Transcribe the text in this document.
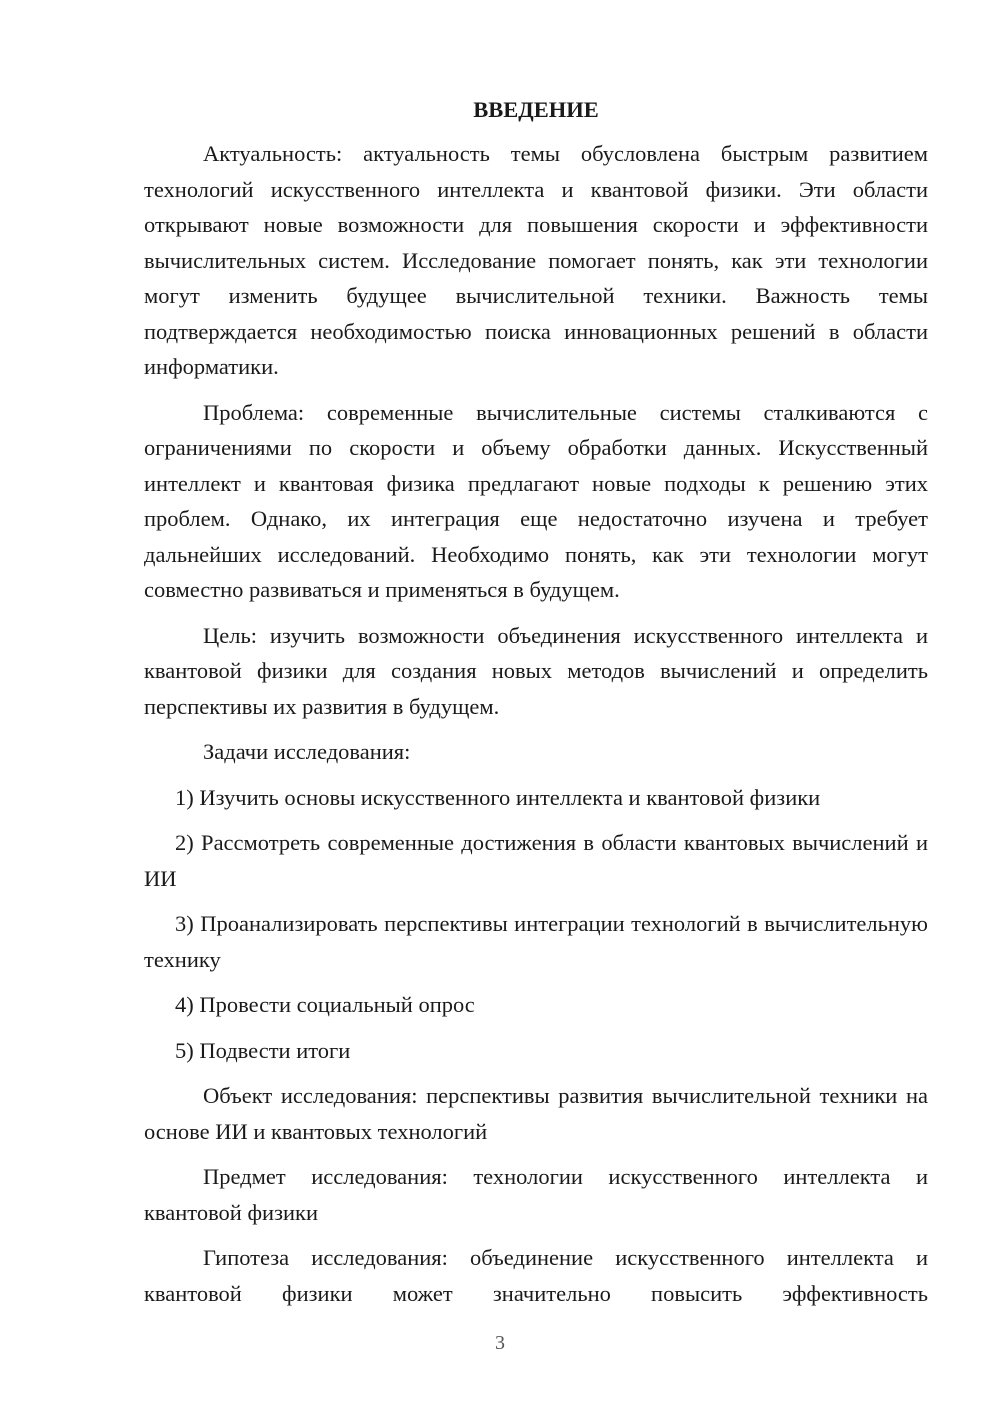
ВВЕДЕНИЕ

Актуальность: актуальность темы обусловлена быстрым развитием технологий искусственного интеллекта и квантовой физики. Эти области открывают новые возможности для повышения скорости и эффективности вычислительных систем. Исследование помогает понять, как эти технологии могут изменить будущее вычислительной техники. Важность темы подтверждается необходимостью поиска инновационных решений в области информатики.

Проблема: современные вычислительные системы сталкиваются с ограничениями по скорости и объему обработки данных. Искусственный интеллект и квантовая физика предлагают новые подходы к решению этих проблем. Однако, их интеграция еще недостаточно изучена и требует дальнейших исследований. Необходимо понять, как эти технологии могут совместно развиваться и применяться в будущем.

Цель: изучить возможности объединения искусственного интеллекта и квантовой физики для создания новых методов вычислений и определить перспективы их развития в будущем.

Задачи исследования:

1) Изучить основы искусственного интеллекта и квантовой физики

2) Рассмотреть современные достижения в области квантовых вычислений и ИИ

3) Проанализировать перспективы интеграции технологий в вычислительную технику

4) Провести социальный опрос

5) Подвести итоги

Объект исследования: перспективы развития вычислительной техники на основе ИИ и квантовых технологий

Предмет исследования: технологии искусственного интеллекта и квантовой физики

Гипотеза исследования: объединение искусственного интеллекта и квантовой физики может значительно повысить эффективность

3
